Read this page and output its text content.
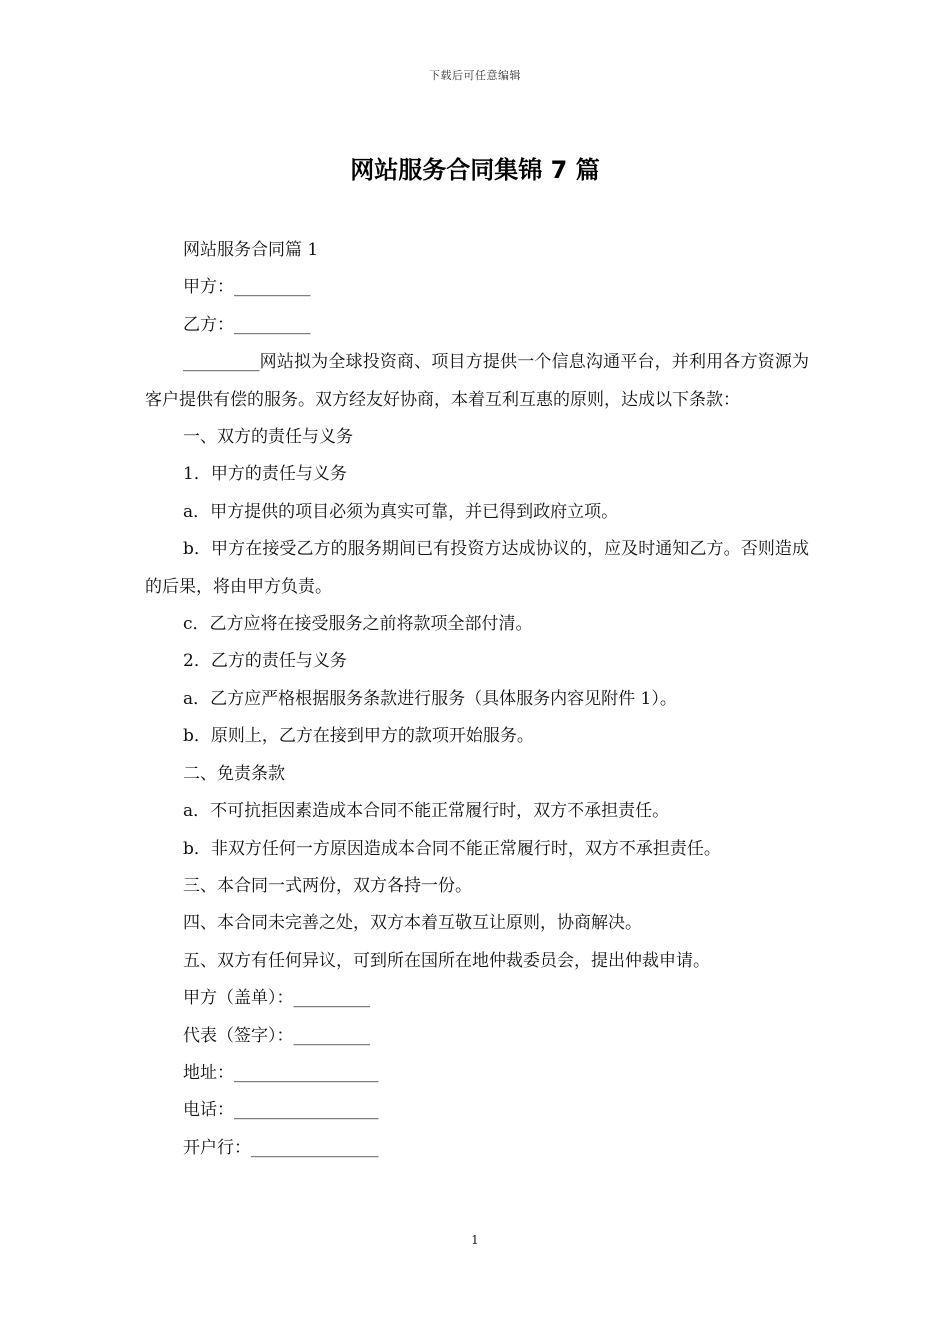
下载后可任意编辑
网站服务合同集锦 7 篇

网站服务合同篇 1

甲方：_________

乙方：_________

_________网站拟为全球投资商、项目方提供一个信息沟通平台，并利用各方资源为客户提供有偿的服务。双方经友好协商，本着互利互惠的原则，达成以下条款：

一、双方的责任与义务

1．甲方的责任与义务

a．甲方提供的项目必须为真实可靠，并已得到政府立项。

b．甲方在接受乙方的服务期间已有投资方达成协议的，应及时通知乙方。否则造成的后果，将由甲方负责。

c．乙方应将在接受服务之前将款项全部付清。

2．乙方的责任与义务

a．乙方应严格根据服务条款进行服务（具体服务内容见附件 1）。

b．原则上，乙方在接到甲方的款项开始服务。

二、免责条款

a．不可抗拒因素造成本合同不能正常履行时，双方不承担责任。

b．非双方任何一方原因造成本合同不能正常履行时，双方不承担责任。

三、本合同一式两份，双方各持一份。

四、本合同未完善之处，双方本着互敬互让原则，协商解决。

五、双方有任何异议，可到所在国所在地仲裁委员会，提出仲裁申请。

甲方（盖单）：_________

代表（签字）：_________

地址：_________________

电话：_________________

开户行：_______________

1
